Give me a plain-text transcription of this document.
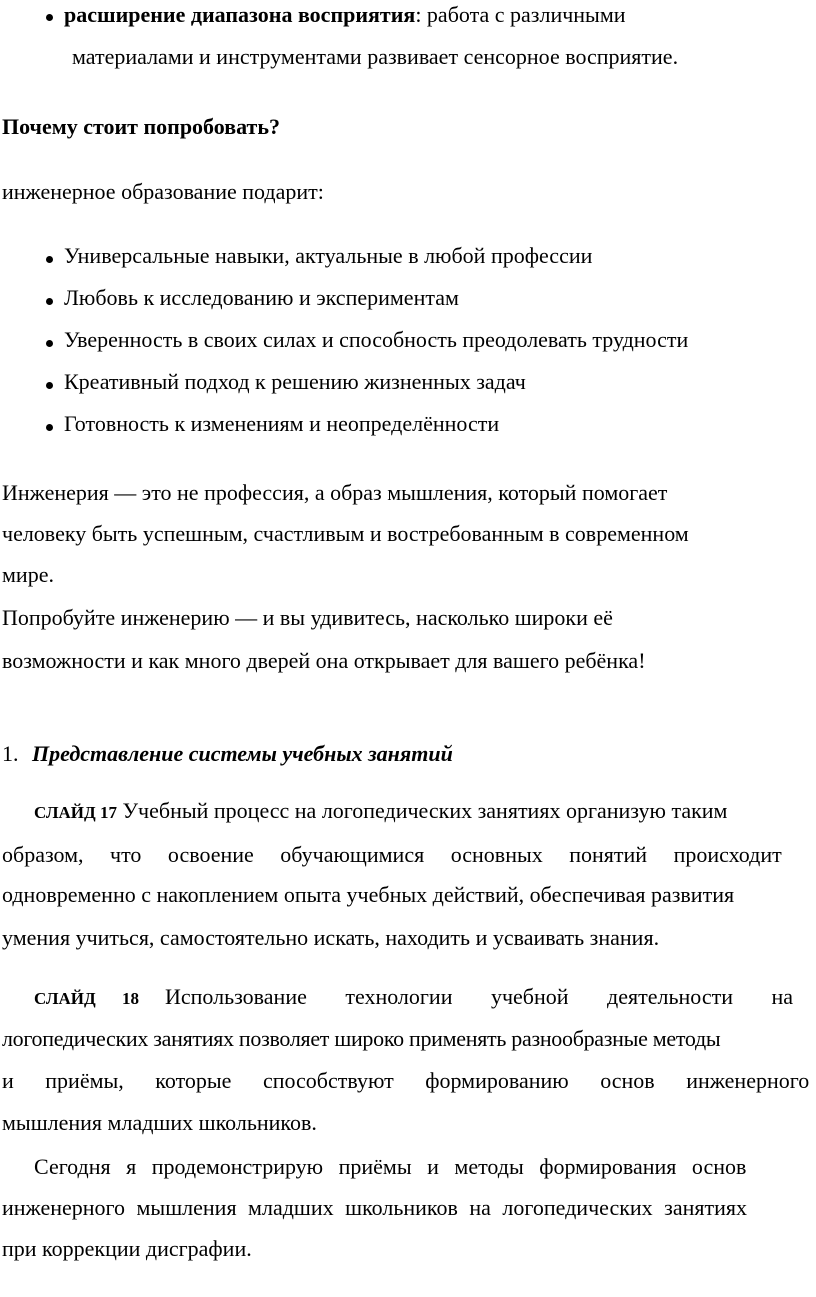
расширение диапазона восприятия: работа с различными
материалами и инструментами развивает сенсорное восприятие.
Почему стоит попробовать?
инженерное образование подарит:
Универсальные навыки, актуальные в любой профессии
Любовь к исследованию и экспериментам
Уверенность в своих силах и способность преодолевать трудности
Креативный подход к решению жизненных задач
Готовность к изменениям и неопределённости
Инженерия — это не профессия, а образ мышления, который помогает
человеку быть успешным, счастливым и востребованным в современном
мире.
Попробуйте инженерию — и вы удивитесь, насколько широки её
возможности и как много дверей она открывает для вашего ребёнка!
1. Представление системы учебных занятий
СЛАЙД 17 Учебный процесс на логопедических занятиях организую таким
образом, что освоение обучающимися основных понятий происходит
одновременно с накоплением опыта учебных действий, обеспечивая развития
умения учиться, самостоятельно искать, находить и усваивать знания.
СЛАЙД 18 Использование технологии учебной деятельности на
логопедических занятиях позволяет широко применять разнообразные методы
и приёмы, которые способствуют формированию основ инженерного
мышления младших школьников.
Сегодня я продемонстрирую приёмы и методы формирования основ
инженерного мышления младших школьников на логопедических занятиях
при коррекции дисграфии.
